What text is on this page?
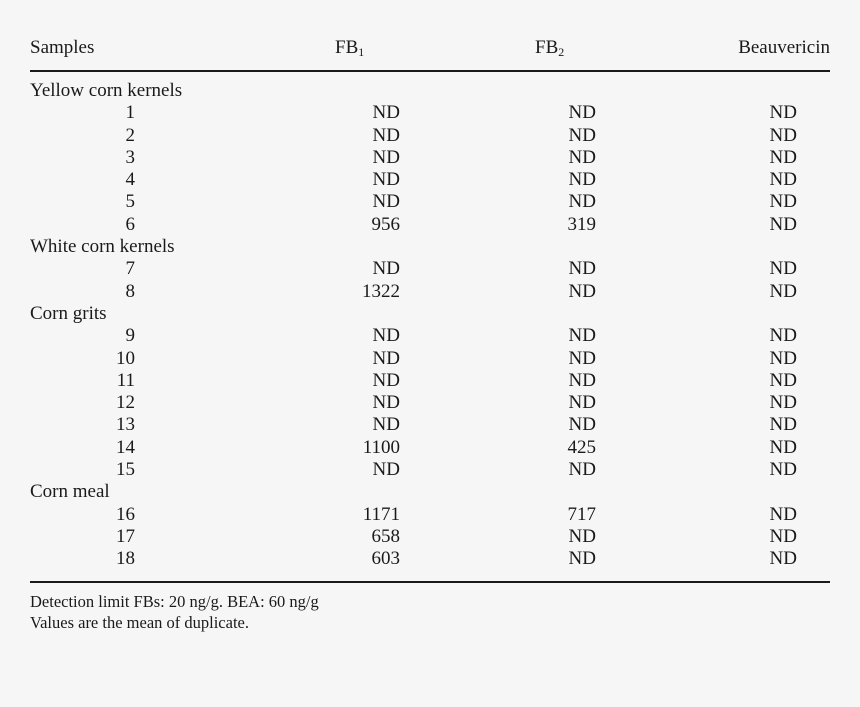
Samples	$FB_1$	$FB_2$	Beauvericin
Yellow corn kernels			
1	ND	ND	ND
2	ND	ND	ND
3	ND	ND	ND
4	ND	ND	ND
5	ND	ND	ND
6	956	319	ND
White corn kernels			
7	ND	ND	ND
8	1322	ND	ND
Corn grits			
9	ND	ND	ND
10	ND	ND	ND
11	ND	ND	ND
12	ND	ND	ND
13	ND	ND	ND
14	1100	425	ND
15	ND	ND	ND
Corn meal			
16	1171	717	ND
17	658	ND	ND
18	603	ND	ND
Detection limit FBs: 20 ng/g. BEA: 60 ng/g
Values are the mean of duplicate.
